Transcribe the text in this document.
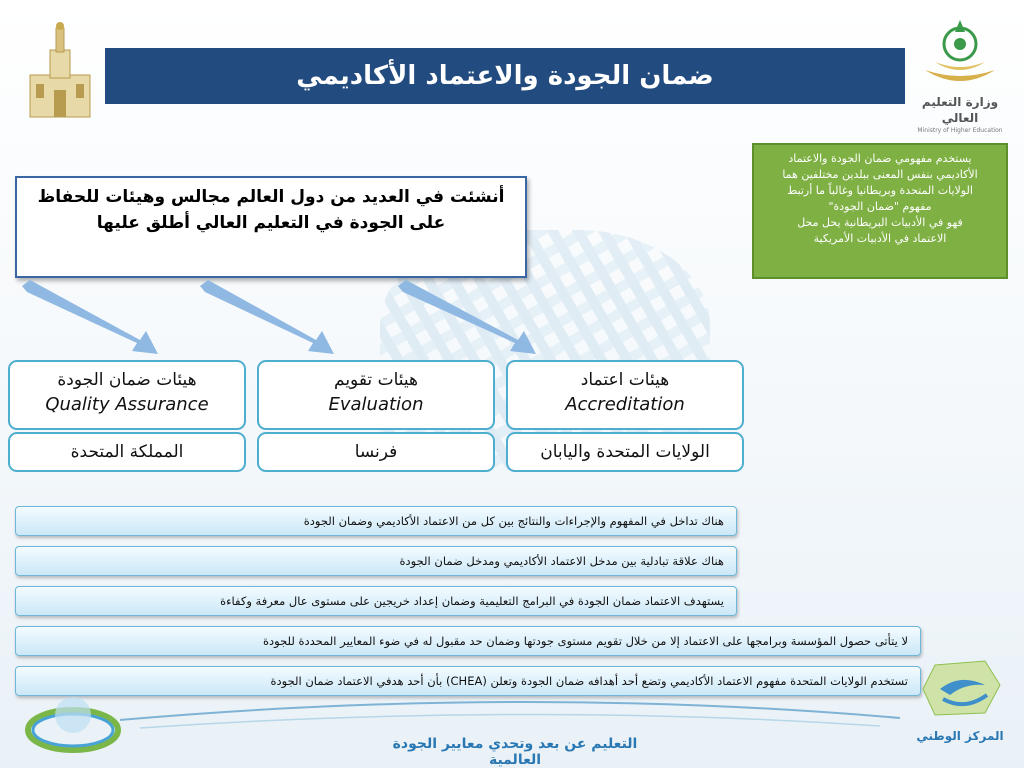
ضمان الجودة والاعتماد الأكاديمي
وزارة التعليم العالي
Ministry of Higher Education
يستخدم مفهومي ضمان الجودة والاعتماد
الأكاديمي بنفس المعنى ببلدين مختلفين هما
الولايات المتحدة وبريطانيا وغالباً ما أرتبط
مفهوم "ضمان الجودة"
فهو في الأدبيات البريطانية يحل محل
الاعتماد في الأدبيات الأمريكية
أنشئت في العديد من دول العالم مجالس وهيئات للحفاظ على الجودة في التعليم العالي أطلق عليها
هيئات اعتماد
Accreditation
هيئات تقويم
Evaluation
هيئات ضمان الجودة
Quality Assurance
الولايات المتحدة واليابان
فرنسا
المملكة المتحدة
هناك تداخل في المفهوم والإجراءات والنتائج بين كل من الاعتماد الأكاديمي وضمان الجودة
هناك علاقة تبادلية بين مدخل الاعتماد الأكاديمي ومدخل ضمان الجودة
يستهدف الاعتماد ضمان الجودة في البرامج التعليمية وضمان إعداد خريجين على مستوى عال معرفة وكفاءة
لا يتأتى حصول المؤسسة وبرامجها على الاعتماد إلا من خلال تقويم مستوى جودتها وضمان حد مقبول له في ضوء المعايير المحددة للجودة
تستخدم الولايات المتحدة مفهوم الاعتماد الأكاديمي وتضع أحد أهدافه ضمان الجودة وتعلن (CHEA) بأن أحد هدفي الاعتماد ضمان الجودة
التعليم عن بعد وتحدي معايير الجودة العالمية
المركز الوطني
